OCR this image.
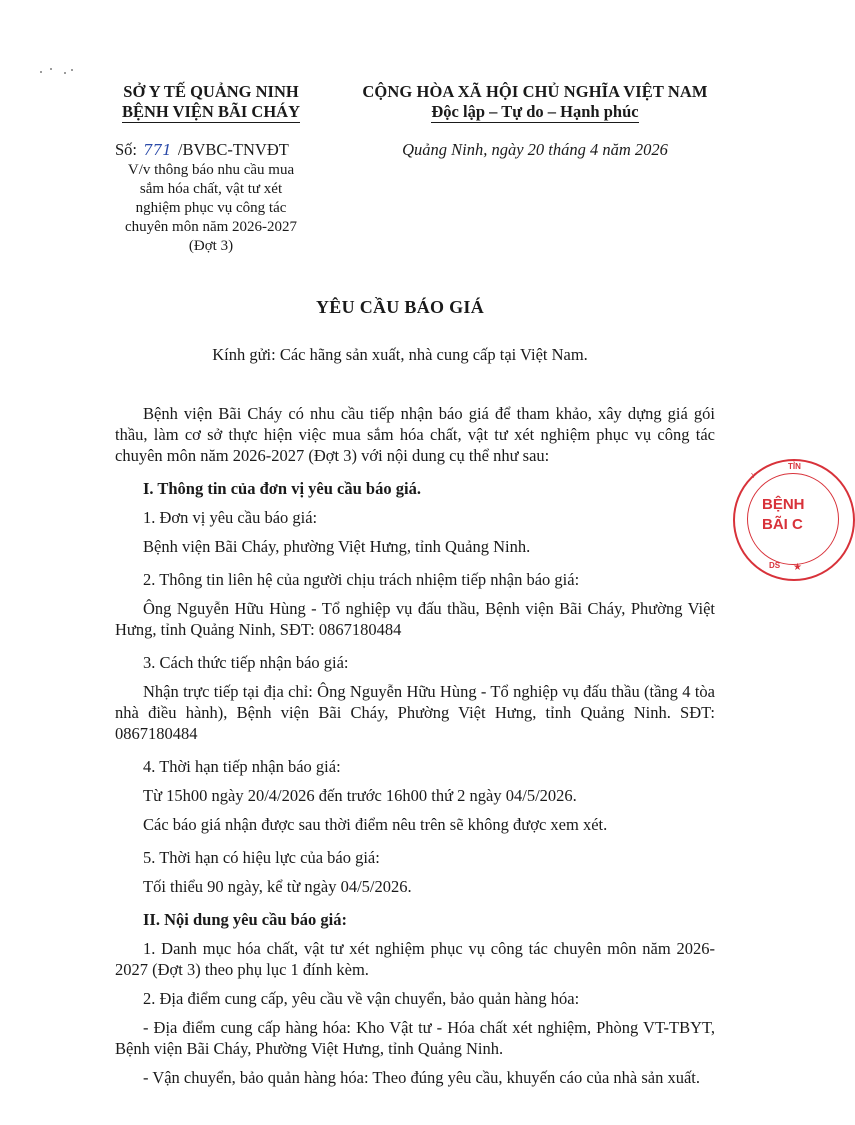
SỞ Y TẾ QUẢNG NINH
BỆNH VIỆN BÃI CHÁY
CỘNG HÒA XÃ HỘI CHỦ NGHĨA VIỆT NAM
Độc lập – Tự do – Hạnh phúc
Số: 771 /BVBC-TNVĐT
V/v thông báo nhu cầu mua
sắm hóa chất, vật tư xét
nghiệm phục vụ công tác
chuyên môn năm 2026-2027
(Đợt 3)
Quảng Ninh, ngày 20 tháng 4 năm 2026
YÊU CẦU BÁO GIÁ
Kính gửi: Các hãng sản xuất, nhà cung cấp tại Việt Nam.

Bệnh viện Bãi Cháy có nhu cầu tiếp nhận báo giá để tham khảo, xây dựng giá gói thầu, làm cơ sở thực hiện việc mua sắm hóa chất, vật tư xét nghiệm phục vụ công tác chuyên môn năm 2026-2027 (Đợt 3) với nội dung cụ thể như sau:

I. Thông tin của đơn vị yêu cầu báo giá.

1. Đơn vị yêu cầu báo giá:

Bệnh viện Bãi Cháy, phường Việt Hưng, tỉnh Quảng Ninh.

2. Thông tin liên hệ của người chịu trách nhiệm tiếp nhận báo giá:

Ông Nguyễn Hữu Hùng - Tổ nghiệp vụ đấu thầu, Bệnh viện Bãi Cháy, Phường Việt Hưng, tỉnh Quảng Ninh, SĐT: 0867180484

3. Cách thức tiếp nhận báo giá:

Nhận trực tiếp tại địa chỉ: Ông Nguyễn Hữu Hùng - Tổ nghiệp vụ đấu thầu (tầng 4 tòa nhà điều hành), Bệnh viện Bãi Cháy, Phường Việt Hưng, tỉnh Quảng Ninh. SĐT: 0867180484

4. Thời hạn tiếp nhận báo giá:

Từ 15h00 ngày 20/4/2026 đến trước 16h00 thứ 2 ngày 04/5/2026.

Các báo giá nhận được sau thời điểm nêu trên sẽ không được xem xét.

5. Thời hạn có hiệu lực của báo giá:

Tối thiểu 90 ngày, kể từ ngày 04/5/2026.

II. Nội dung yêu cầu báo giá:

1. Danh mục hóa chất, vật tư xét nghiệm phục vụ công tác chuyên môn năm 2026-2027 (Đợt 3) theo phụ lục 1 đính kèm.

2. Địa điểm cung cấp, yêu cầu về vận chuyển, bảo quản hàng hóa:

- Địa điểm cung cấp hàng hóa: Kho Vật tư - Hóa chất xét nghiệm, Phòng VT-TBYT, Bệnh viện Bãi Cháy, Phường Việt Hưng, tỉnh Quảng Ninh.

- Vận chuyển, bảo quản hàng hóa: Theo đúng yêu cầu, khuyến cáo của nhà sản xuất.

TỈN
Y
BỆNH
BÃI C
DS ★
